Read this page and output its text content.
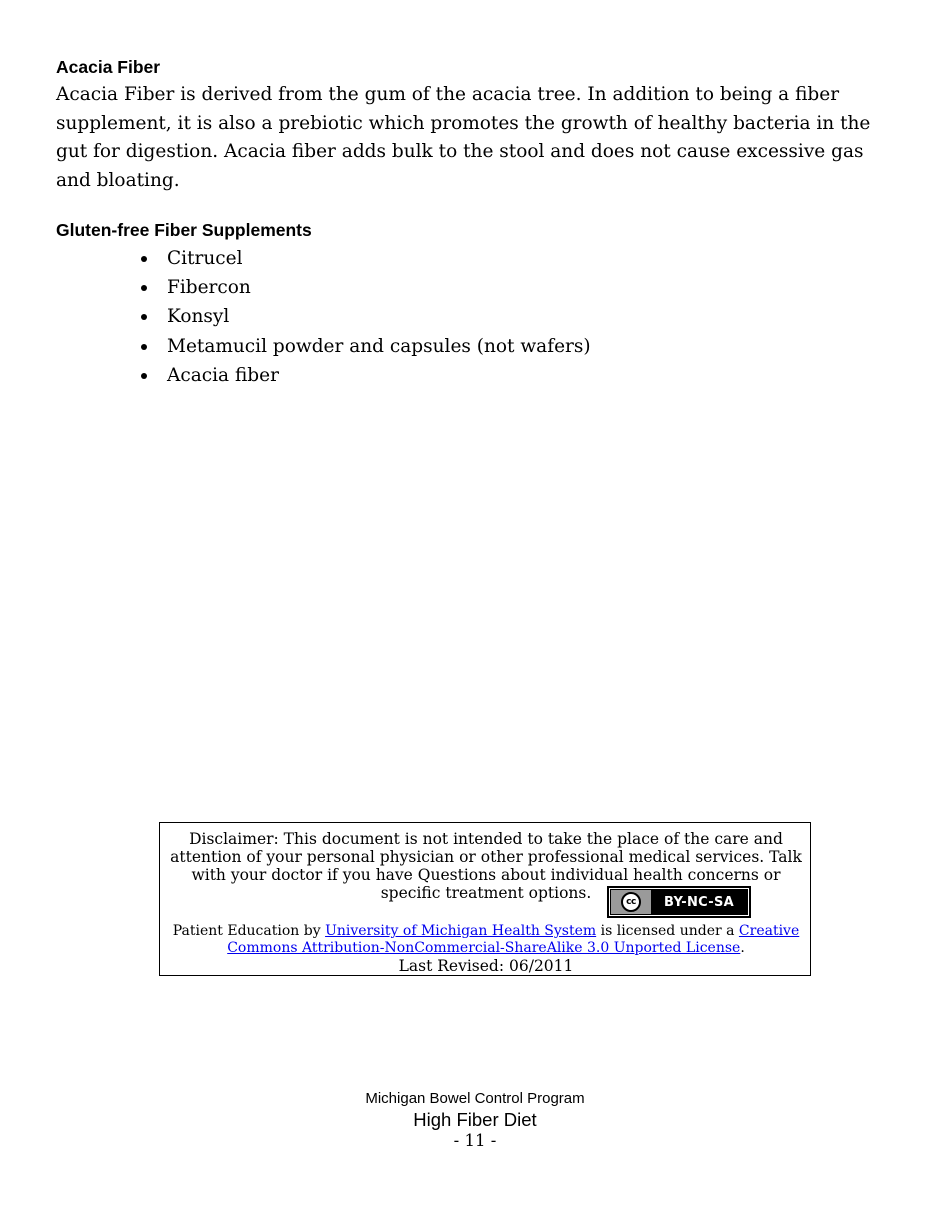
Acacia Fiber

Acacia Fiber is derived from the gum of the acacia tree. In addition to being a fiber supplement, it is also a prebiotic which promotes the growth of healthy bacteria in the gut for digestion. Acacia fiber adds bulk to the stool and does not cause excessive gas and bloating.

Gluten-free Fiber Supplements
Citrucel
Fibercon
Konsyl
Metamucil powder and capsules (not wafers)
Acacia fiber

Disclaimer: This document is not intended to take the place of the care and attention of your personal physician or other professional medical services. Talk with your doctor if you have Questions about individual health concerns or specific treatment options.	cc	BY-NC-SA

Patient Education by University of Michigan Health System is licensed under a Creative Commons Attribution-NonCommercial-ShareAlike 3.0 Unported License.

Last Revised: 06/2011

Michigan Bowel Control Program
High Fiber Diet
- 11 -
